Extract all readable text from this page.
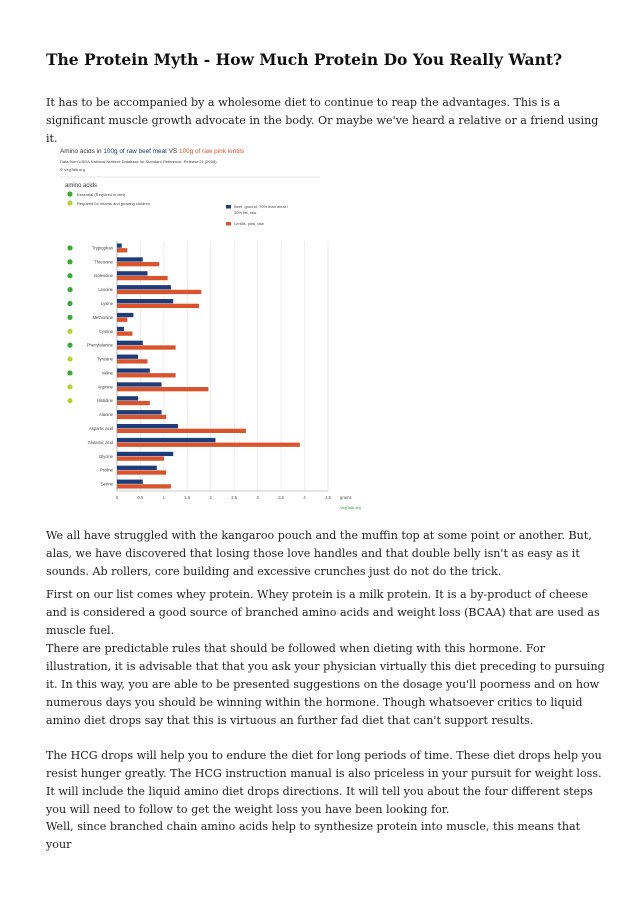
The Protein Myth - How Much Protein Do You Really Want?

It has to be accompanied by a wholesome diet to continue to reap the advantages. This is a significant muscle growth advocate in the body. Or maybe we've heard a relative or a friend using it.

Amino acids in 100g of raw beef meat VS 100g of raw pink lentils
Data from USDA National Nutrient Database for Standard Reference, Release 21 (2008)
© VegTalk.org
amino acids
Essential (Required in diet)
Required for infants and growing children
Beef, ground, 70% lean meat / 30% fat, raw
Lentils, pink, raw
0	0.5	1	1.5	2	2.5	3	3.5	4	4.5 grams
VegTalk.org
Tryptophan
Threonine
Isoleucine
Leucine
Lysine
Methionine
Cystine
Phenylalanine
Tyrosine
Valine
Arginine
Histidine
Alanine
Aspartic acid
Glutamic acid
Glycine
Proline
Serine

We all have struggled with the kangaroo pouch and the muffin top at some point or another. But, alas, we have discovered that losing those love handles and that double belly isn't as easy as it sounds. Ab rollers, core building and excessive crunches just do not do the trick.

First on our list comes whey protein. Whey protein is a milk protein. It is a by-product of cheese and is considered a good source of branched amino acids and weight loss (BCAA) that are used as muscle fuel.

There are predictable rules that should be followed when dieting with this hormone. For illustration, it is advisable that that you ask your physician virtually this diet preceding to pursuing it. In this way, you are able to be presented suggestions on the dosage you'll poorness and on how numerous days you should be winning within the hormone. Though whatsoever critics to liquid amino diet drops say that this is virtuous an further fad diet that can't support results.

The HCG drops will help you to endure the diet for long periods of time. These diet drops help you resist hunger greatly. The HCG instruction manual is also priceless in your pursuit for weight loss. It will include the liquid amino diet drops directions. It will tell you about the four different steps you will need to follow to get the weight loss you have been looking for.

Well, since branched chain amino acids help to synthesize protein into muscle, this means that your
